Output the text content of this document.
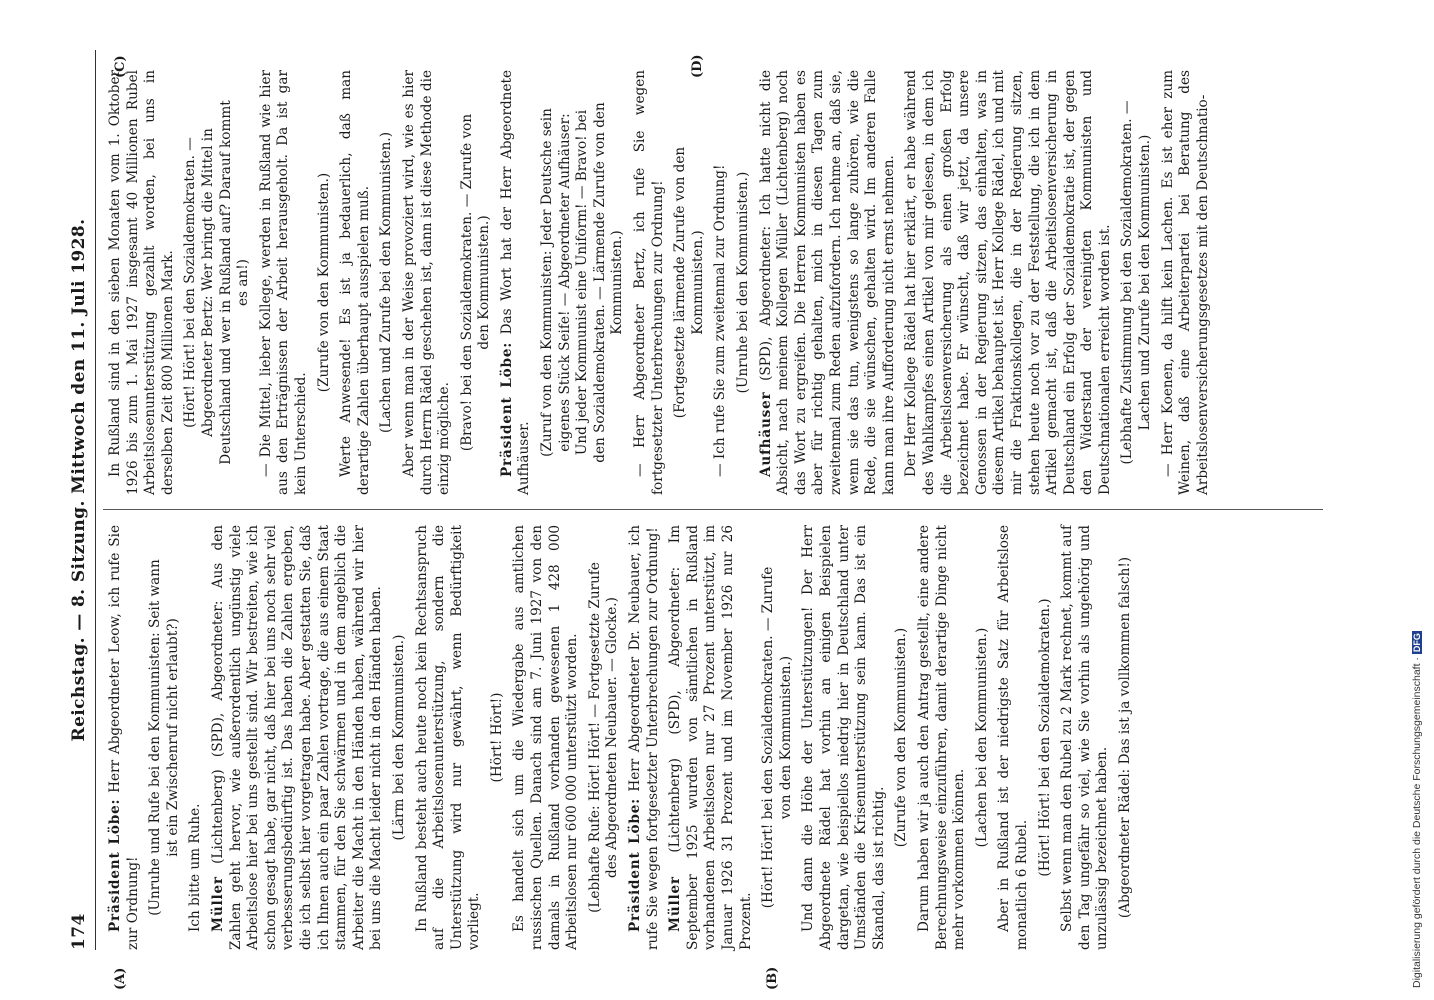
174
Reichstag. — 8. Sitzung. Mittwoch den 11. Juli 1928.
(A)	(B)
(C)	(D)
Präsident Löbe: Herr Abgeordneter Leow, ich rufe Sie zur Ordnung! (Unruhe und Rufe bei den Kommunisten: Seit wann ist ein Zwischenruf nicht erlaubt?)
Ich bitte um Ruhe. Müller (Lichtenberg) (SPD), Abgeordneter: Aus den Zahlen geht hervor, wie außerordentlich ungünstig viele Arbeitslose hier bei uns gestellt sind. Wir bestreiten, wie ich schon gesagt habe, gar nicht, daß hier bei uns noch sehr viel verbesserungsbedürftig ist. Das haben die Zahlen ergeben, die ich selbst hier vorgetragen habe. Aber gestatten Sie, daß ich Ihnen auch ein paar Zahlen vortrage, die aus einem Staat stammen, für den Sie schwärmen und in dem angeblich die Arbeiter die Macht in den Händen haben, während wir hier bei uns die Macht leider nicht in den Händen haben. (Lärm bei den Kommunisten.) In Rußland besteht auch heute noch kein Rechtsanspruch auf die Arbeitslosenunterstützung, sondern die Unterstützung wird nur gewährt, wenn Bedürftigkeit vorliegt.
(Hört! Hört!) Es handelt sich um die Wiedergabe aus amtlichen russischen Quellen. Danach sind am 7. Juni 1927 von den damals in Rußland vorhanden gewesenen 1 428 000 Arbeitslosen nur 600 000 unterstützt worden. (Lebhafte Rufe: Hört! Hört! — Fortgesetzte Zurufe des Abgeordneten Neubauer. — Glocke.) Präsident Löbe: Herr Abgeordneter Dr. Neubauer, ich rufe Sie wegen fortgesetzter Unterbrechungen zur Ordnung! Müller (Lichtenberg) (SPD), Abgeordneter: Im September 1925 wurden von sämtlichen in Rußland vorhandenen Arbeitslosen nur 27 Prozent unterstützt, im Januar 1926 31 Prozent und im November 1926 nur 26 Prozent.
(Hört! Hört! bei den Sozialdemokraten. — Zurufe von den Kommunisten.) Und dann die Höhe der Unterstützungen! Der Herr Abgeordnete Rädel hat vorhin an einigen Beispielen dargetan, wie beispiellos niedrig hier in Deutschland unter Umständen die Krisenunterstützung sein kann. Das ist ein Skandal, das ist richtig.
(Zurufe von den Kommunisten.) Darum haben wir ja auch den Antrag gestellt, eine andere Berechnungsweise einzuführen, damit derartige Dinge nicht mehr vorkommen können.
(Lachen bei den Kommunisten.) Aber in Rußland ist der niedrigste Satz für Arbeitslose monatlich 6 Rubel.
(Hört! Hört! bei den Sozialdemokraten.) Selbst wenn man den Rubel zu 2 Mark rechnet, kommt auf den Tag ungefähr so viel, wie Sie vorhin als ungehörig und unzulässig bezeichnet haben. (Abgeordneter Rädel: Das ist ja vollkommen falsch!)
In Rußland sind in den sieben Monaten vom 1. Oktober 1926 bis zum 1. Mai 1927 insgesamt 40 Millionen Rubel Arbeitslosenunterstützung gezahlt worden, bei uns in derselben Zeit 800 Millionen Mark. (Hört! Hört! bei den Sozialdemokraten. — Abgeordneter Bertz: Wer bringt die Mittel in Deutschland und wer in Rußland auf? Darauf kommt es an!) — Die Mittel, lieber Kollege, werden in Rußland wie hier aus den Erträgnissen der Arbeit herausgeholt. Da ist gar kein Unterschied.
(Zurufe von den Kommunisten.) Werte Anwesende! Es ist ja bedauerlich, daß man derartige Zahlen überhaupt ausspielen muß. (Lachen und Zurufe bei den Kommunisten.) Aber wenn man in der Weise provoziert wird, wie es hier durch Herrn Rädel geschehen ist, dann ist diese Methode die einzig mögliche. (Bravo! bei den Sozialdemokraten. — Zurufe von den Kommunisten.)
Präsident Löbe: Das Wort hat der Herr Abgeordnete Aufhäuser.
(Zuruf von den Kommunisten: Jeder Deutsche sein eigenes Stück Seife! — Abgeordneter Aufhäuser: Und jeder Kommunist eine Uniform! — Bravo! bei den Sozialdemokraten. — Lärmende Zurufe von den Kommunisten.) — Herr Abgeordneter Bertz, ich rufe Sie wegen fortgesetzter Unterbrechungen zur Ordnung! (Fortgesetzte lärmende Zurufe von den Kommunisten.) — Ich rufe Sie zum zweitenmal zur Ordnung! (Unruhe bei den Kommunisten.)
Aufhäuser (SPD), Abgeordneter: Ich hatte nicht die Absicht, nach meinem Kollegen Müller (Lichtenberg) noch das Wort zu ergreifen. Die Herren Kommunisten haben es aber für richtig gehalten, mich in diesen Tagen zum zweitenmal zum Reden aufzufordern. Ich nehme an, daß sie, wenn sie das tun, wenigstens so lange zuhören, wie die Rede, die sie wünschen, gehalten wird. Im anderen Falle kann man ihre Aufforderung nicht ernst nehmen. Der Herr Kollege Rädel hat hier erklärt, er habe während des Wahlkampfes einen Artikel von mir gelesen, in dem ich die Arbeitslosenversicherung als einen großen Erfolg bezeichnet habe. Er wünscht, daß wir jetzt, da unsere Genossen in der Regierung sitzen, das einhalten, was in diesem Artikel behauptet ist. Herr Kollege Rädel, ich und mit mir die Fraktionskollegen, die in der Regierung sitzen, stehen heute noch vor zu der Feststellung, die ich in dem Artikel gemacht ist, daß die Arbeitslosenversicherung in Deutschland ein Erfolg der Sozialdemokratie ist, der gegen den Widerstand der vereinigten Kommunisten und Deutschnationalen erreicht worden ist. (Lebhafte Zustimmung bei den Sozialdemokraten. — Lachen und Zurufe bei den Kommunisten.) — Herr Koenen, da hilft kein Lachen. Es ist eher zum Weinen, daß eine Arbeiterpartei bei Beratung des Arbeitslosenversicherungsgesetzes mit den Deutschnatio-
Digitalisierung gefördert durch die Deutsche Forschungsgemeinschaft · DFG
